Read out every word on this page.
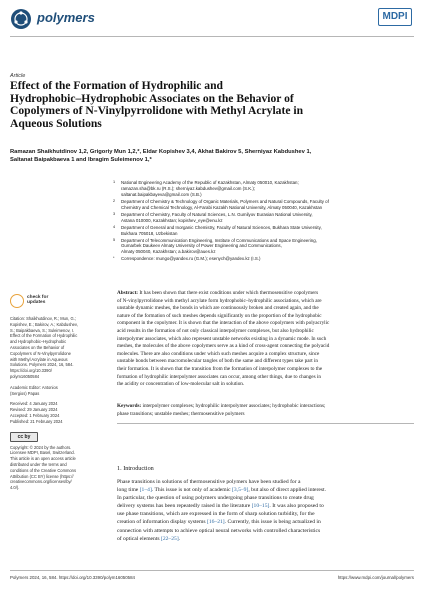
polymers	MDPI
Article
Effect of the Formation of Hydrophilic and
Hydrophobic–Hydrophobic Associates on the Behavior of
Copolymers of N-Vinylpyrrolidone with Methyl Acrylate in
Aqueous Solutions
Ramazan Shaikhutdinov 1,2, Grigoriy Mun 1,2,*, Eldar Kopishev 3,4, Akhat Bakirov 5, Sherniyaz Kabdushev 1,
Saltanat Baipakbaeva 1 and Ibragim Suleimenov 1,*
1 National Engineering Academy of the Republic of Kazakhstan, Almaty 050010, Kazakhstan;
ramazan.sha@bk.ru (R.S.); sherniyaz.kabdushev@gmail.com (S.K.);
saltanat.baipakbayeva@gmail.com (S.B.)
2 Department of Chemistry & Technology of Organic Materials, Polymers and Natural Compounds, Faculty of
Chemistry and Chemical Technology, Al-Farabi Kazakh National University, Almaty 050040, Kazakhstan
3 Department of Chemistry, Faculty of Natural Sciences, L.N. Gumilyov Eurasian National University,
Astana 010000, Kazakhstan; kopishev_eye@enu.kz
4 Department of General and Inorganic Chemistry, Faculty of Natural Sciences, Bukhara State University,
Bukhara 705018, Uzbekistan
5 Department of Telecommunication Engineering, Institute of Communications and Space Engineering,
Gumarbek Daukeev Almaty University of Power Engineering and Communications,
Almaty 050040, Kazakhstan; a.bakirov@aues.kz
* Correspondence: mungo@yandex.ru (G.M.); esenych@yandex.kz (I.S.)
check for
updates
Citation: Shaikhutdinov, R.; Mun, G.;
Kopishev, E.; Bakirov, A.; Kabdushev,
S.; Baipakbaeva, S.; Suleimenov, I.
Effect of the Formation of Hydrophilic
and Hydrophobic–Hydrophobic
Associates on the Behavior of
Copolymers of N-Vinylpyrrolidone
with Methyl Acrylate in Aqueous
Solutions. Polymers 2024, 16, 584.
https://doi.org/10.3390/
polym16050584
Academic Editor: Antonios
(Sergios) Papas
Received: 4 January 2024
Revised: 29 January 2024
Accepted: 1 February 2024
Published: 21 February 2024
cc by
Copyright: © 2024 by the authors.
Licensee MDPI, Basel, Switzerland.
This article is an open access article
distributed under the terms and
conditions of the Creative Commons
Attribution (CC BY) license (https://
creativecommons.org/licenses/by/
4.0/).
Abstract: It has been shown that there exist conditions under which thermosensitive copolymers
of N-vinylpyrrolidone with methyl acrylate form hydrophobic–hydrophilic associations, which are
unstable dynamic meshes, the bonds in which are continuously broken and created again, and the
nature of the formation of such meshes depends significantly on the proportion of the hydrophobic
component in the copolymer. It is shown that the interaction of the above copolymers with polyacrylic
acid results in the formation of not only classical interpolymer complexes, but also hydrophilic
interpolymer associates, which also represent unstable networks existing in a dynamic mode. In such
meshes, the molecules of the above copolymers serve as a kind of cross-agent connecting the polyacid
molecules. There are also conditions under which such meshes acquire a complex structure, since
unstable bonds between macromolecular tangles of both the same and different types take part in
their formation. It is shown that the transition from the formation of interpolymer complexes to the
formation of hydrophilic interpolymer associates can occur, among other things, due to changes in
the acidity or concentration of low-molecular salt in solution.
Keywords: interpolymer complexes; hydrophilic interpolymer associates; hydrophobic interactions;
phase transitions; unstable meshes; thermosensitive polymers
1. Introduction
Phase transitions in solutions of thermosensitive polymers have been studied for a
long time [1–4]. This issue is not only of academic [3,5–9], but also of direct applied interest.
In particular, the question of using polymers undergoing phase transitions to create drug
delivery systems has been repeatedly raised in the literature [10–15]. It was also proposed to
use phase transitions, which are expressed in the form of sharp solution turbidity, for the
creation of information display systems [16–21]. Currently, this issue is being actualized in
connection with attempts to achieve optical neural networks with controlled characteristics
of optical elements [22–25].
Polymers 2024, 16, 584. https://doi.org/10.3390/polym16050584	https://www.mdpi.com/journal/polymers
